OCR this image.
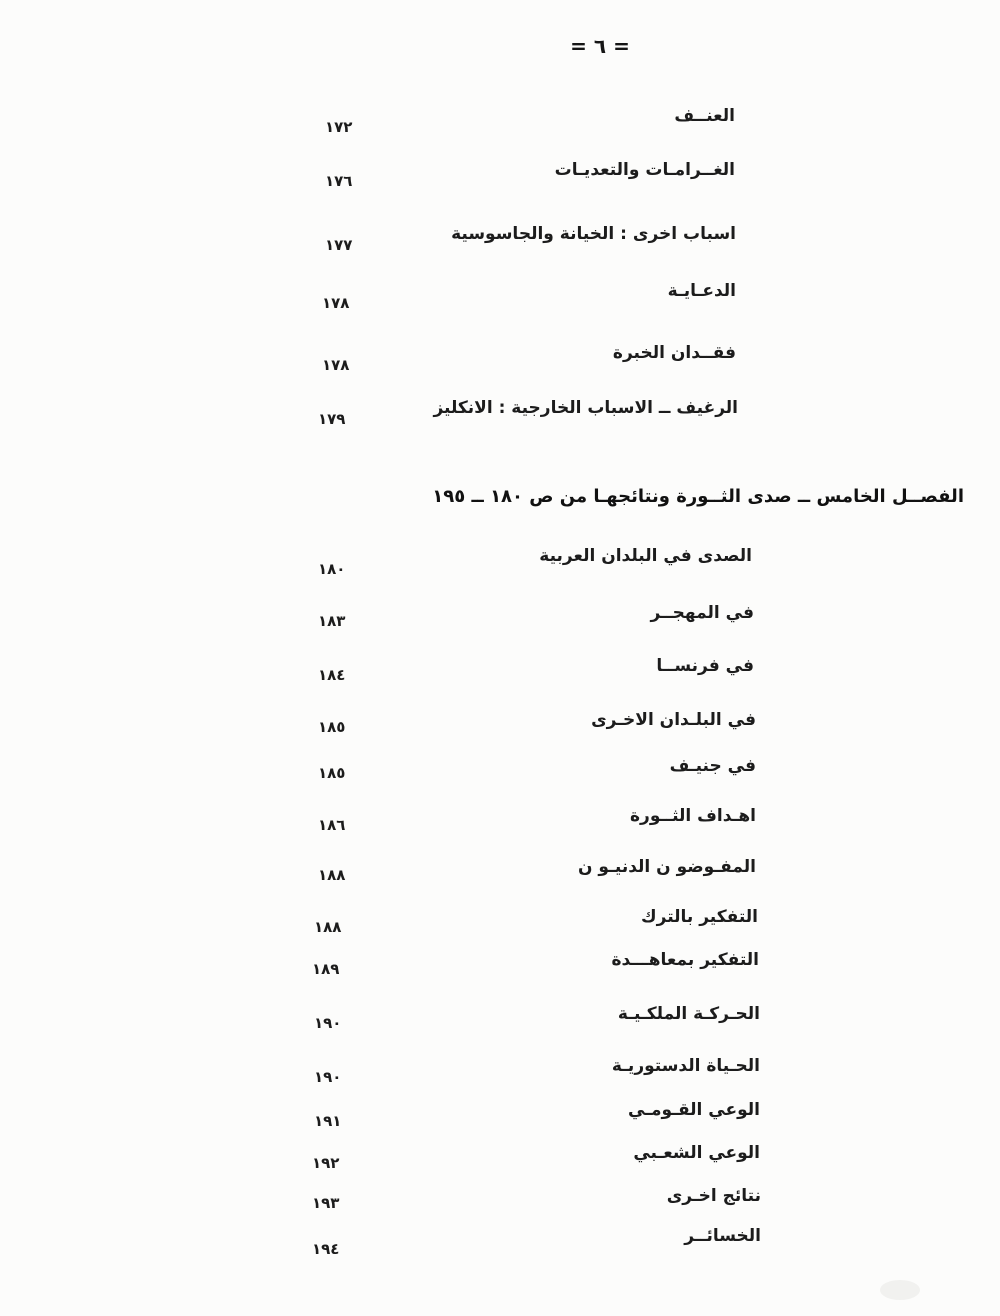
= ٦ =
العنــف
١٧٢
الغــرامـات والتعديـات
١٧٦
اسباب اخرى : الخيانة والجاسوسية
١٧٧
الدعـايـة
١٧٨
فقــدان الخبرة
١٧٨
الرغيف ــ الاسباب الخارجية : الانكليز
١٧٩
الفصــل الخامس ــ صدى الثــورة ونتائجهـا من ص ١٨٠ ــ ١٩٥
الصدى في البلدان العربية
١٨٠
في المهجــر
١٨٣
في فرنســا
١٨٤
في البلـدان الاخـرى
١٨٥
في جنيـف
١٨٥
اهـداف الثــورة
١٨٦
المفـوضو ن الدنيـو ن
١٨٨
التفكير بالترك
١٨٨
التفكير بمعاهـــدة
١٨٩
الحـركـة الملكـيـة
١٩٠
الحـياة الدستوريـة
١٩٠
الوعي القـومـي
١٩١
الوعي الشعـبي
١٩٢
نتائج اخـرى
١٩٣
الخسائــر
١٩٤
